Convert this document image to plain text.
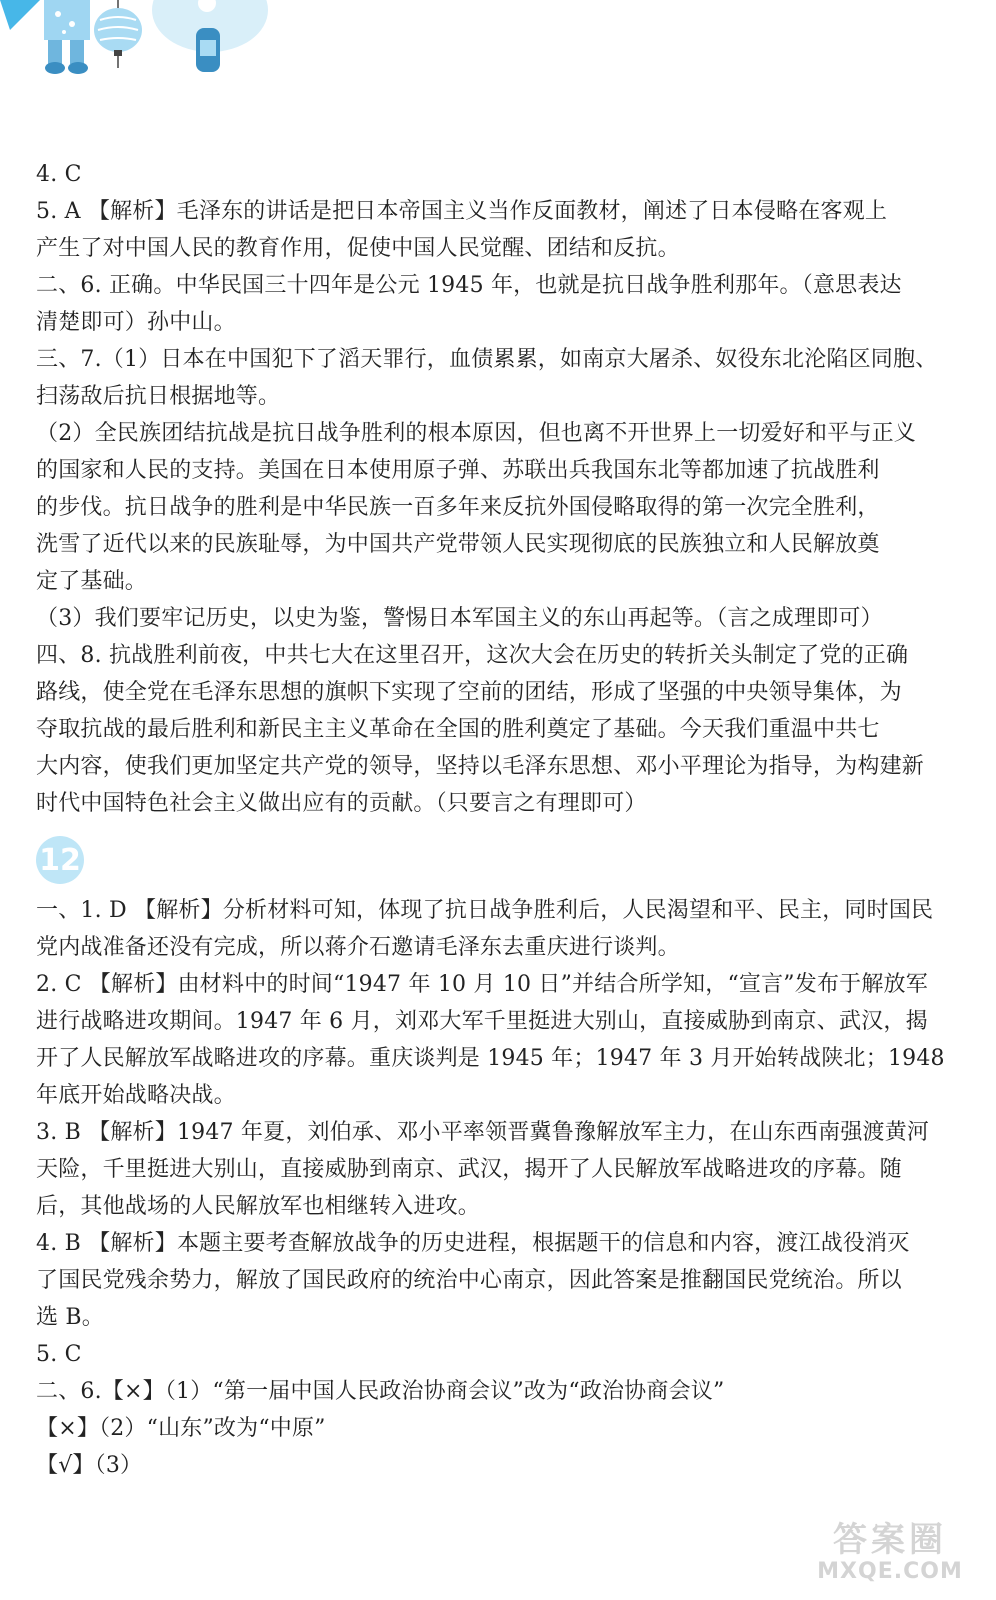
4. C
5. A 【解析】毛泽东的讲话是把日本帝国主义当作反面教材，阐述了日本侵略在客观上
产生了对中国人民的教育作用，促使中国人民觉醒、团结和反抗。
二、6. 正确。中华民国三十四年是公元 1945 年，也就是抗日战争胜利那年。（意思表达
清楚即可）孙中山。
三、7.（1）日本在中国犯下了滔天罪行，血债累累，如南京大屠杀、奴役东北沦陷区同胞、
扫荡敌后抗日根据地等。
（2）全民族团结抗战是抗日战争胜利的根本原因，但也离不开世界上一切爱好和平与正义
的国家和人民的支持。美国在日本使用原子弹、苏联出兵我国东北等都加速了抗战胜利
的步伐。抗日战争的胜利是中华民族一百多年来反抗外国侵略取得的第一次完全胜利，
洗雪了近代以来的民族耻辱，为中国共产党带领人民实现彻底的民族独立和人民解放奠
定了基础。
（3）我们要牢记历史，以史为鉴，警惕日本军国主义的东山再起等。（言之成理即可）
四、8. 抗战胜利前夜，中共七大在这里召开，这次大会在历史的转折关头制定了党的正确
路线，使全党在毛泽东思想的旗帜下实现了空前的团结，形成了坚强的中央领导集体，为
夺取抗战的最后胜利和新民主主义革命在全国的胜利奠定了基础。今天我们重温中共七
大内容，使我们更加坚定共产党的领导，坚持以毛泽东思想、邓小平理论为指导，为构建新
时代中国特色社会主义做出应有的贡献。（只要言之有理即可）
12
一、1. D 【解析】分析材料可知，体现了抗日战争胜利后，人民渴望和平、民主，同时国民
党内战准备还没有完成，所以蒋介石邀请毛泽东去重庆进行谈判。
2. C 【解析】由材料中的时间“1947 年 10 月 10 日”并结合所学知，“宣言”发布于解放军
进行战略进攻期间。1947 年 6 月，刘邓大军千里挺进大别山，直接威胁到南京、武汉，揭
开了人民解放军战略进攻的序幕。重庆谈判是 1945 年；1947 年 3 月开始转战陕北；1948
年底开始战略决战。
3. B 【解析】1947 年夏，刘伯承、邓小平率领晋冀鲁豫解放军主力，在山东西南强渡黄河
天险，千里挺进大别山，直接威胁到南京、武汉，揭开了人民解放军战略进攻的序幕。随
后，其他战场的人民解放军也相继转入进攻。
4. B 【解析】本题主要考查解放战争的历史进程，根据题干的信息和内容，渡江战役消灭
了国民党残余势力，解放了国民政府的统治中心南京，因此答案是推翻国民党统治。所以
选 B。
5. C
二、6.【×】（1）“第一届中国人民政治协商会议”改为“政治协商会议”
【×】（2）“山东”改为“中原”
【√】（3）
答案圈
MXQE.COM
